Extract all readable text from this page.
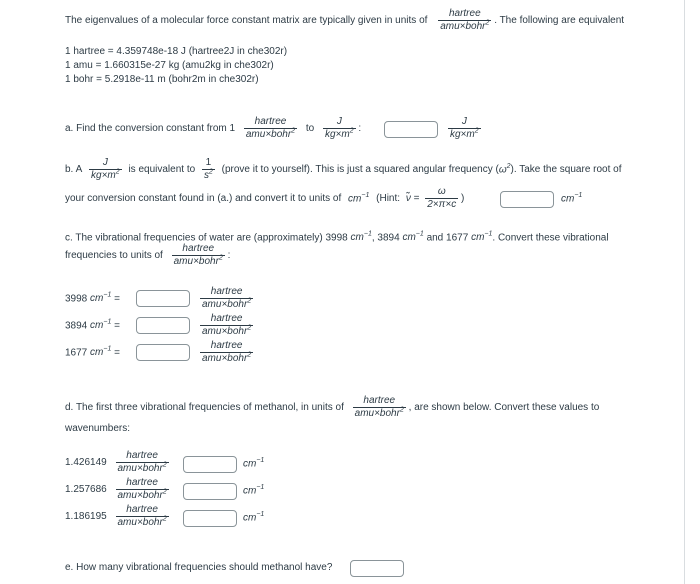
The eigenvalues of a molecular force constant matrix are typically given in units of $\frac{\text{hartree}}{amu\times bohr^2}$ . The following are equivalent
1 hartree = 4.359748e-18 J (hartree2J in che302r)
1 amu = 1.660315e-27 kg (amu2kg in che302r)
1 bohr = 5.2918e-11 m (bohr2m in che302r)
a. Find the conversion constant from $1 \frac{\text{hartree}}{amu\times bohr^2}$ to $\frac{J}{kg\times m^2}$ :	$\frac{J}{kg\times m^2}$
b. A $\frac{J}{kg\times m^2}$ is equivalent to $\frac{1}{s^2}$ (prove it to yourself). This is just a squared angular frequency $(\omega^2)$. Take the square root of
your conversion constant found in (a.) and convert it to units of $cm^{-1}$ (Hint: ν̃ = $\frac{\omega}{2\times\pi\times c}$ )	$cm^{-1}$
c. The vibrational frequencies of water are (approximately) 3998 $cm^{-1}$, 3894 $cm^{-1}$ and 1677 $cm^{-1}$. Convert these vibrational
frequencies to units of $\frac{\text{hartree}}{amu\times bohr^2}$ :
3998 $cm^{-1}$ =	$\frac{\text{hartree}}{amu\times bohr^2}$
3894 $cm^{-1}$ =	$\frac{\text{hartree}}{amu\times bohr^2}$
1677 $cm^{-1}$ =	$\frac{\text{hartree}}{amu\times bohr^2}$
d. The first three vibrational frequencies of methanol, in units of $\frac{\text{hartree}}{amu\times bohr^2}$ , are shown below. Convert these values to
wavenumbers:
$1.426149 \frac{\text{hartree}}{amu\times bohr^2}$	$cm^{-1}$
$1.257686 \frac{\text{hartree}}{amu\times bohr^2}$	$cm^{-1}$
$1.186195 \frac{\text{hartree}}{amu\times bohr^2}$	$cm^{-1}$
e. How many vibrational frequencies should methanol have?
